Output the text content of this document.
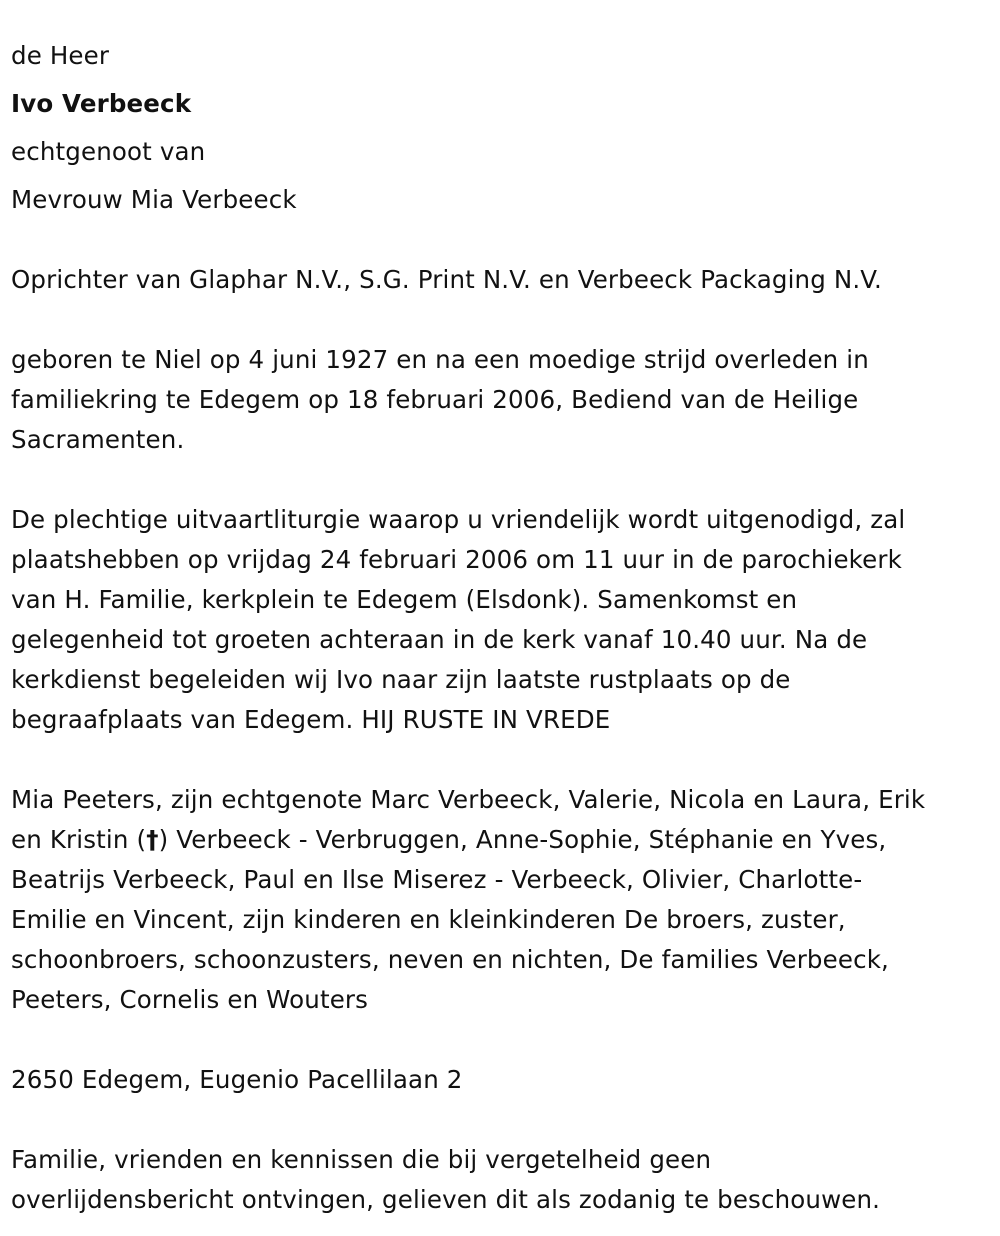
de Heer
Ivo Verbeeck
echtgenoot van
Mevrouw Mia Verbeeck
Oprichter van Glaphar N.V., S.G. Print N.V. en Verbeeck Packaging N.V.
geboren te Niel op 4 juni 1927 en na een moedige strijd overleden in
familiekring te Edegem op 18 februari 2006, Bediend van de Heilige
Sacramenten.
De plechtige uitvaartliturgie waarop u vriendelijk wordt uitgenodigd, zal
plaatshebben op vrijdag 24 februari 2006 om 11 uur in de parochiekerk
van H. Familie, kerkplein te Edegem (Elsdonk). Samenkomst en
gelegenheid tot groeten achteraan in de kerk vanaf 10.40 uur. Na de
kerkdienst begeleiden wij Ivo naar zijn laatste rustplaats op de
begraafplaats van Edegem. HIJ RUSTE IN VREDE
Mia Peeters, zijn echtgenote Marc Verbeeck, Valerie, Nicola en Laura, Erik
en Kristin (†) Verbeeck - Verbruggen, Anne-Sophie, Stéphanie en Yves,
Beatrijs Verbeeck, Paul en Ilse Miserez - Verbeeck, Olivier, Charlotte-
Emilie en Vincent, zijn kinderen en kleinkinderen De broers, zuster,
schoonbroers, schoonzusters, neven en nichten, De families Verbeeck,
Peeters, Cornelis en Wouters
2650 Edegem, Eugenio Pacellilaan 2
Familie, vrienden en kennissen die bij vergetelheid geen
overlijdensbericht ontvingen, gelieven dit als zodanig te beschouwen.
